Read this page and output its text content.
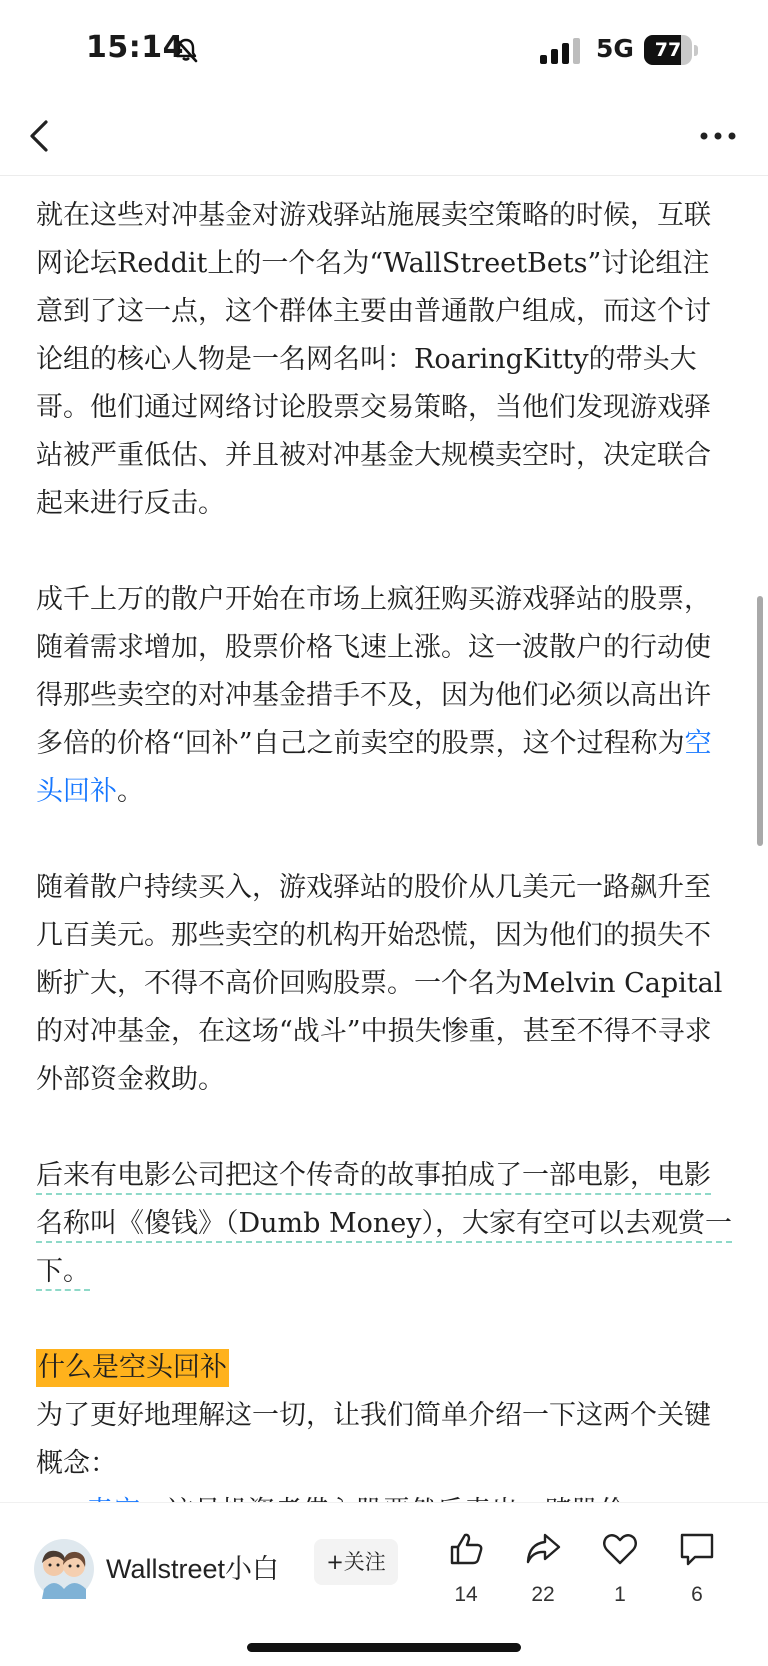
15:14	5G	77

就在这些对冲基金对游戏驿站施展卖空策略的时候，互联网论坛Reddit上的一个名为“WallStreetBets”讨论组注意到了这一点，这个群体主要由普通散户组成，而这个讨论组的核心人物是一名网名叫：RoaringKitty的带头大哥。他们通过网络讨论股票交易策略，当他们发现游戏驿站被严重低估、并且被对冲基金大规模卖空时，决定联合起来进行反击。

成千上万的散户开始在市场上疯狂购买游戏驿站的股票，随着需求增加，股票价格飞速上涨。这一波散户的行动使得那些卖空的对冲基金措手不及，因为他们必须以高出许多倍的价格“回补”自己之前卖空的股票，这个过程称为空头回补。

随着散户持续买入，游戏驿站的股价从几美元一路飙升至几百美元。那些卖空的机构开始恐慌，因为他们的损失不断扩大，不得不高价回购股票。一个名为Melvin Capital的对冲基金，在这场“战斗”中损失惨重，甚至不得不寻求外部资金救助。

后来有电影公司把这个传奇的故事拍成了一部电影，电影名称叫《傻钱》（Dumb Money），大家有空可以去观赏一下。

什么是空头回补

为了更好地理解这一切，让我们简单介绍一下这两个关键概念：

Wallstreet小白	+关注
14	22	1	6
